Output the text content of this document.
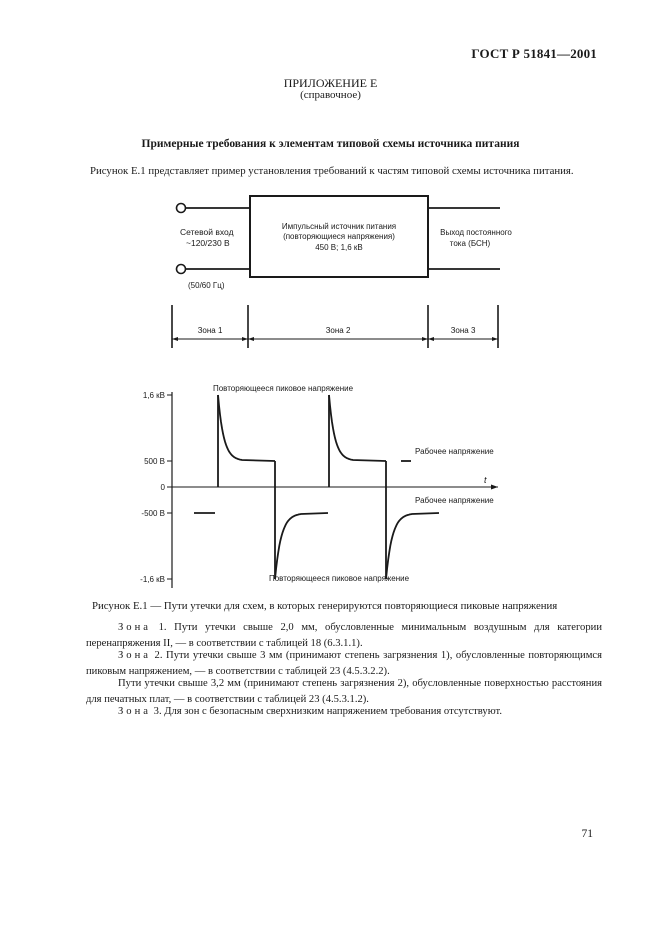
ГОСТ Р 51841—2001
ПРИЛОЖЕНИЕ Е
(справочное)
Примерные требования к элементам типовой схемы источника питания
Рисунок Е.1 представляет пример установления требований к частям типовой схемы источника питания.
Сетевой вход
~120/230 В
(50/60 Гц)
Импульсный источник питания
(повторяющиеся напряжения)
450 В; 1,6 кВ
Выход постоянного
тока (БСН)
Зона 1	Зона 2	Зона 3
1,6 кВ
500 В
0
-500 В
-1,6 кВ
t
Повторяющееся пиковое напряжение
Повторяющееся пиковое напряжение
Рабочее напряжение
Рабочее напряжение
Рисунок Е.1 — Пути утечки для схем, в которых генерируются повторяющиеся пиковые напряжения
Зона 1. Пути утечки свыше 2,0 мм, обусловленные минимальным воздушным для категории перенапряжения II, — в соответствии с таблицей 18 (6.3.1.1).
Зона 2. Пути утечки свыше 3 мм (принимают степень загрязнения 1), обусловленные повторяющимся пиковым напряжением, — в соответствии с таблицей 23 (4.5.3.2.2).
Пути утечки свыше 3,2 мм (принимают степень загрязнения 2), обусловленные поверхностью расстояния для печатных плат, — в соответствии с таблицей 23 (4.5.3.1.2).
Зона 3. Для зон с безопасным сверхнизким напряжением требования отсутствуют.
71
